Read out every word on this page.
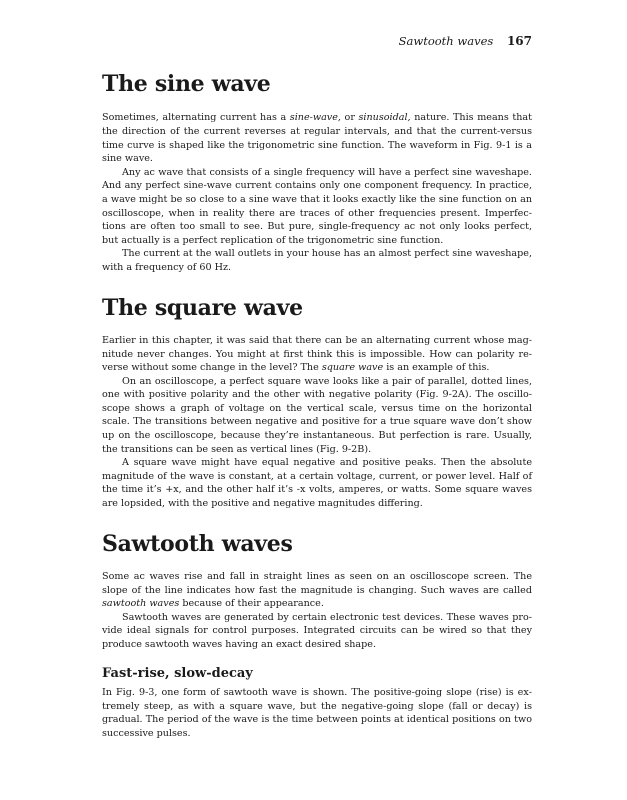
Sawtooth waves 167
The sine wave

Sometimes, alternating current has a sine-wave, or sinusoidal, nature. This means that the direction of the current reverses at regular intervals, and that the current-versus time curve is shaped like the trigonometric sine function. The waveform in Fig. 9-1 is a sine wave.

Any ac wave that consists of a single frequency will have a perfect sine waveshape. And any perfect sine-wave current contains only one component frequency. In practice, a wave might be so close to a sine wave that it looks exactly like the sine function on an oscilloscope, when in reality there are traces of other frequencies present. Imperfections are often too small to see. But pure, single-frequency ac not only looks perfect, but actually is a perfect replication of the trigonometric sine function.

The current at the wall outlets in your house has an almost perfect sine waveshape, with a frequency of 60 Hz.

The square wave

Earlier in this chapter, it was said that there can be an alternating current whose magnitude never changes. You might at first think this is impossible. How can polarity reverse without some change in the level? The square wave is an example of this.

On an oscilloscope, a perfect square wave looks like a pair of parallel, dotted lines, one with positive polarity and the other with negative polarity (Fig. 9-2A). The oscilloscope shows a graph of voltage on the vertical scale, versus time on the horizontal scale. The transitions between negative and positive for a true square wave don’t show up on the oscilloscope, because they’re instantaneous. But perfection is rare. Usually, the transitions can be seen as vertical lines (Fig. 9-2B).

A square wave might have equal negative and positive peaks. Then the absolute magnitude of the wave is constant, at a certain voltage, current, or power level. Half of the time it’s +x, and the other half it’s -x volts, amperes, or watts. Some square waves are lopsided, with the positive and negative magnitudes differing.

Sawtooth waves

Some ac waves rise and fall in straight lines as seen on an oscilloscope screen. The slope of the line indicates how fast the magnitude is changing. Such waves are called sawtooth waves because of their appearance.

Sawtooth waves are generated by certain electronic test devices. These waves provide ideal signals for control purposes. Integrated circuits can be wired so that they produce sawtooth waves having an exact desired shape.

Fast-rise, slow-decay

In Fig. 9-3, one form of sawtooth wave is shown. The positive-going slope (rise) is extremely steep, as with a square wave, but the negative-going slope (fall or decay) is gradual. The period of the wave is the time between points at identical positions on two successive pulses.
